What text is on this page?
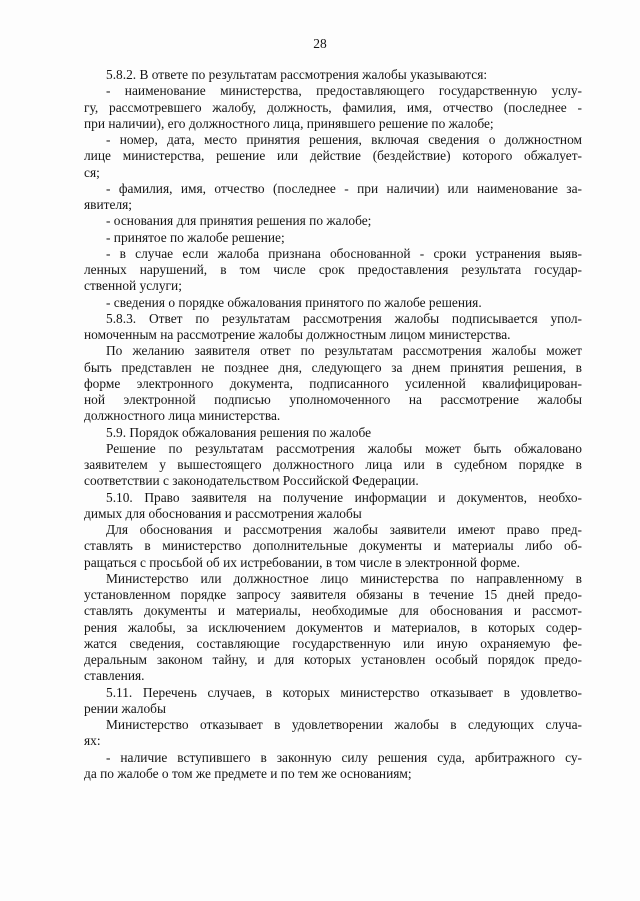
28
5.8.2. В ответе по результатам рассмотрения жалобы указываются:
- наименование министерства, предоставляющего государственную услу-
гу, рассмотревшего жалобу, должность, фамилия, имя, отчество (последнее -
при наличии), его должностного лица, принявшего решение по жалобе;
- номер, дата, место принятия решения, включая сведения о должностном
лице министерства, решение или действие (бездействие) которого обжалует-
ся;
- фамилия, имя, отчество (последнее - при наличии) или наименование за-
явителя;
- основания для принятия решения по жалобе;
- принятое по жалобе решение;
- в случае если жалоба признана обоснованной - сроки устранения выяв-
ленных нарушений, в том числе срок предоставления результата государ-
ственной услуги;
- сведения о порядке обжалования принятого по жалобе решения.
5.8.3. Ответ по результатам рассмотрения жалобы подписывается упол-
номоченным на рассмотрение жалобы должностным лицом министерства.
По желанию заявителя ответ по результатам рассмотрения жалобы может
быть представлен не позднее дня, следующего за днем принятия решения, в
форме электронного документа, подписанного усиленной квалифицирован-
ной электронной подписью уполномоченного на рассмотрение жалобы
должностного лица министерства.
5.9. Порядок обжалования решения по жалобе
Решение по результатам рассмотрения жалобы может быть обжаловано
заявителем у вышестоящего должностного лица или в судебном порядке в
соответствии с законодательством Российской Федерации.
5.10. Право заявителя на получение информации и документов, необхо-
димых для обоснования и рассмотрения жалобы
Для обоснования и рассмотрения жалобы заявители имеют право пред-
ставлять в министерство дополнительные документы и материалы либо об-
ращаться с просьбой об их истребовании, в том числе в электронной форме.
Министерство или должностное лицо министерства по направленному в
установленном порядке запросу заявителя обязаны в течение 15 дней предо-
ставлять документы и материалы, необходимые для обоснования и рассмот-
рения жалобы, за исключением документов и материалов, в которых содер-
жатся сведения, составляющие государственную или иную охраняемую фе-
деральным законом тайну, и для которых установлен особый порядок предо-
ставления.
5.11. Перечень случаев, в которых министерство отказывает в удовлетво-
рении жалобы
Министерство отказывает в удовлетворении жалобы в следующих случа-
ях:
- наличие вступившего в законную силу решения суда, арбитражного су-
да по жалобе о том же предмете и по тем же основаниям;
